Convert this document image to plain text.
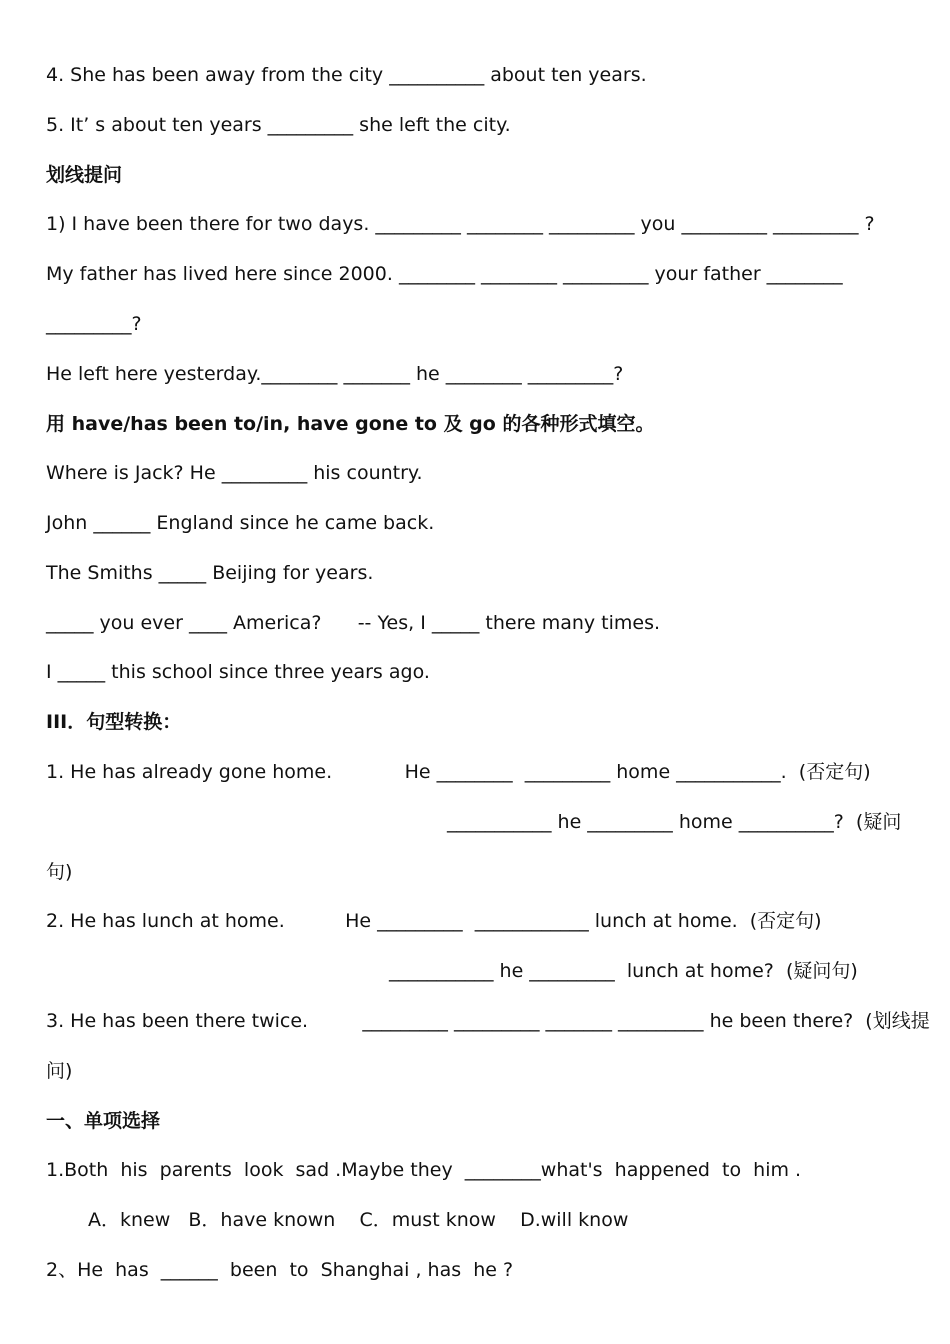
4. She has been away from the city __________ about ten years.
5. It’ s about ten years _________ she left the city.
划线提问
1) I have been there for two days. _________ ________ _________ you _________ _________ ?
My father has lived here since 2000. ________ ________ _________ your father ________
_________?
He left here yesterday.________ _______ he ________ _________?
用 have/has been to/in, have gone to 及 go 的各种形式填空。
Where is Jack? He _________ his country.
John ______ England since he came back.
The Smiths _____ Beijing for years.
_____ you ever ____ America?      -- Yes, I _____ there many times.
I _____ this school since three years ago.
III．句型转换：
1. He has already gone home.            He ________  _________ home ___________.  (否定句)
___________ he _________ home __________?  (疑问
句)
2. He has lunch at home.          He _________  ____________ lunch at home.  (否定句)
___________ he _________  lunch at home?  (疑问句)
3. He has been there twice.         _________ _________ _______ _________ he been there?  (划线提
问)
一、单项选择
1.Both  his  parents  look  sad .Maybe they  ________what's  happened  to  him .
A．knew   B．have known    C．must know    D.will know
2、He  has  ______  been  to  Shanghai , has  he ?
